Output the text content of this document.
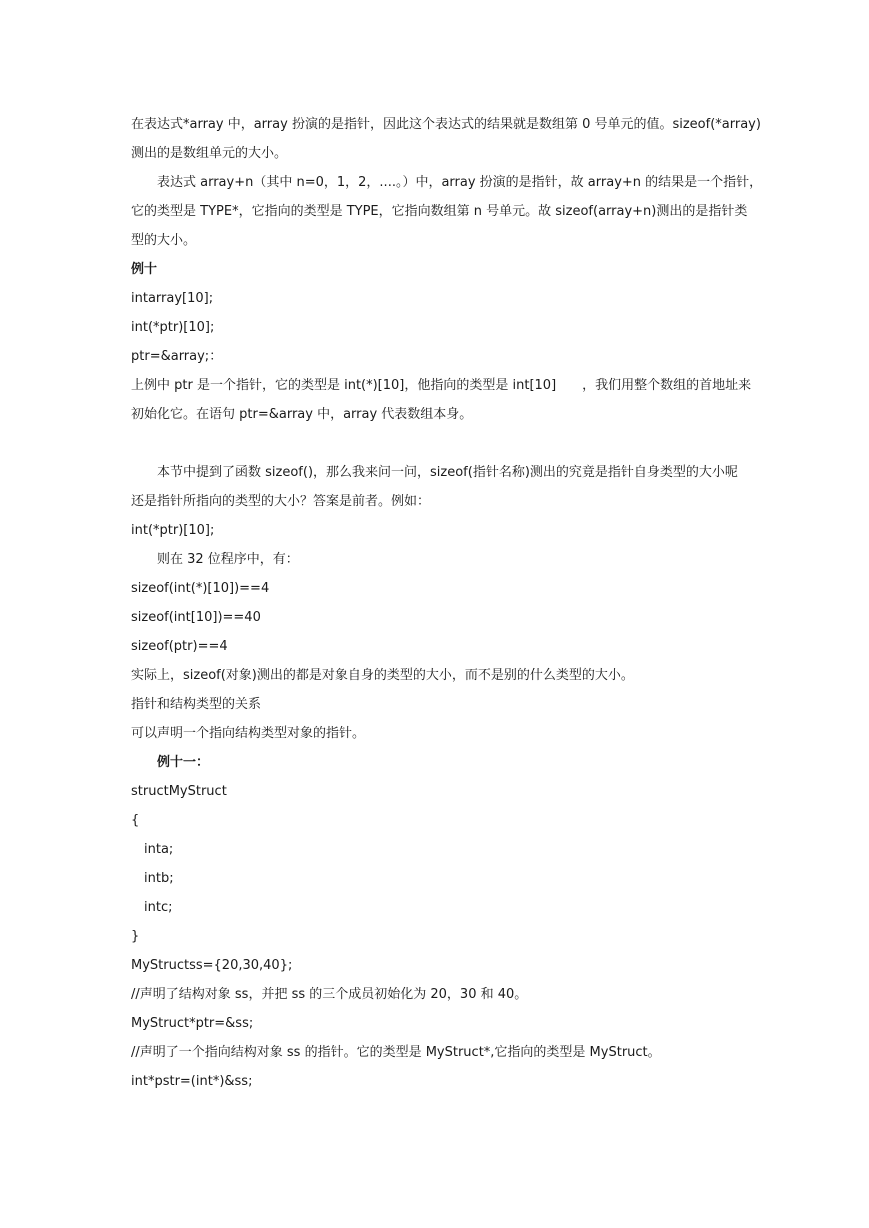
在表达式*array 中，array 扮演的是指针，因此这个表达式的结果就是数组第 0 号单元的值。sizeof(*array)
测出的是数组单元的大小。
表达式 array+n（其中 n=0，1，2，....。）中，array 扮演的是指针，故 array+n 的结果是一个指针，
它的类型是 TYPE*，它指向的类型是 TYPE，它指向数组第 n 号单元。故 sizeof(array+n)测出的是指针类
型的大小。
例十
intarray[10];
int(*ptr)[10];
ptr=&array;：
上例中 ptr 是一个指针，它的类型是 int(*)[10]，他指向的类型是 int[10]　　，我们用整个数组的首地址来
初始化它。在语句 ptr=&array 中，array 代表数组本身。
本节中提到了函数 sizeof()，那么我来问一问，sizeof(指针名称)测出的究竟是指针自身类型的大小呢
还是指针所指向的类型的大小？答案是前者。例如：
int(*ptr)[10];
则在 32 位程序中，有：
sizeof(int(*)[10])==4
sizeof(int[10])==40
sizeof(ptr)==4
实际上，sizeof(对象)测出的都是对象自身的类型的大小，而不是别的什么类型的大小。
指针和结构类型的关系
可以声明一个指向结构类型对象的指针。
例十一：
structMyStruct
{
inta;
intb;
intc;
}
MyStructss={20,30,40};
//声明了结构对象 ss，并把 ss 的三个成员初始化为 20，30 和 40。
MyStruct*ptr=&ss;
//声明了一个指向结构对象 ss 的指针。它的类型是 MyStruct*,它指向的类型是 MyStruct。
int*pstr=(int*)&ss;
